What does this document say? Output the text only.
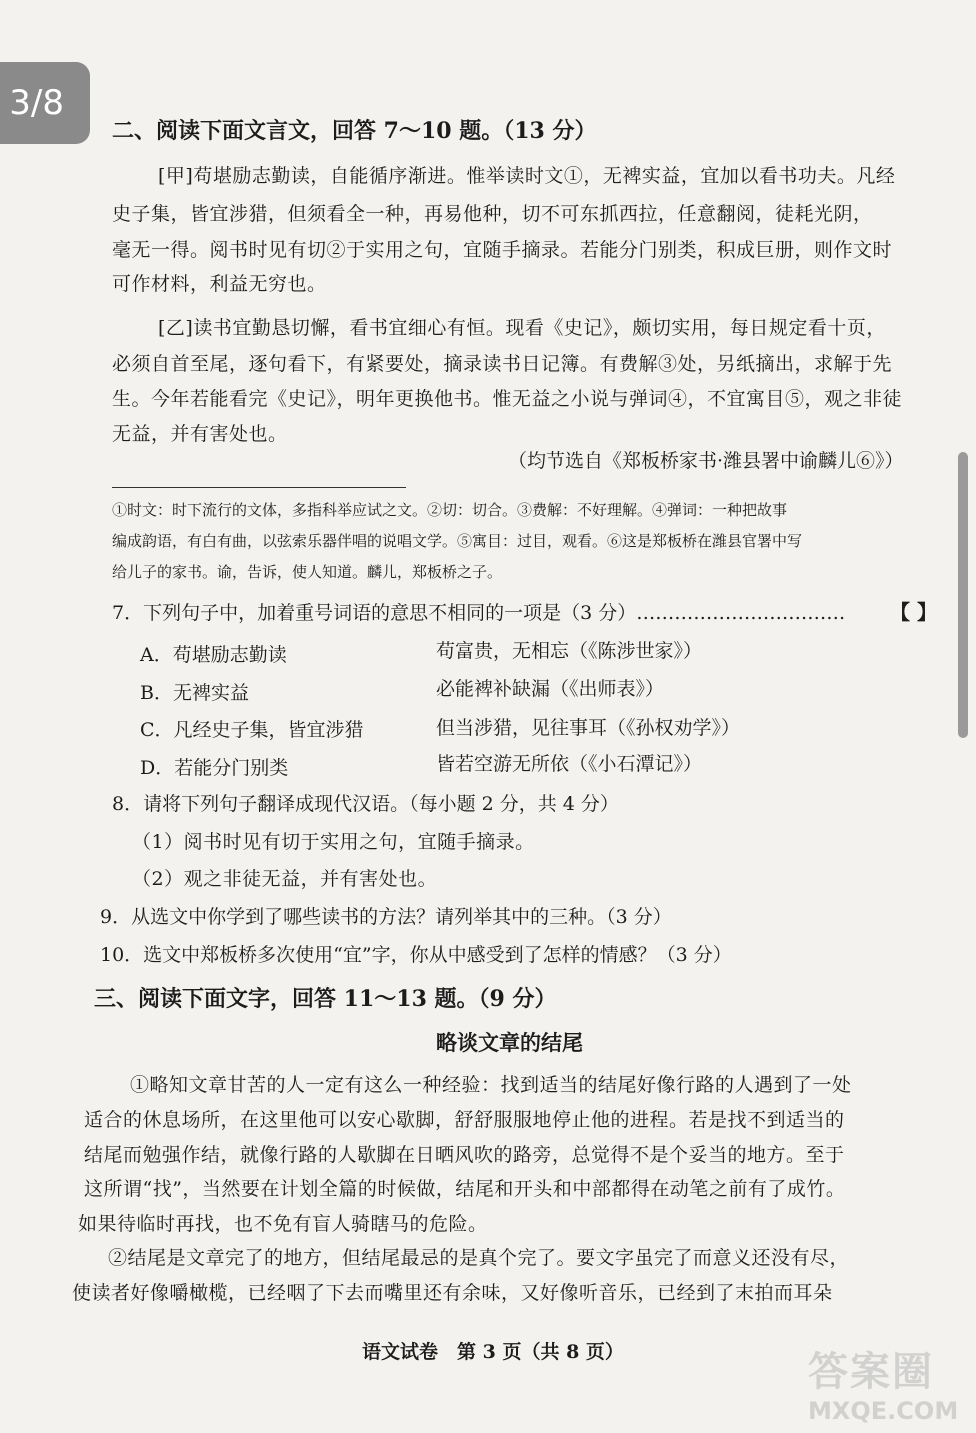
3/8
二、阅读下面文言文，回答 7～10 题。（13 分）
[甲]苟堪励志勤读，自能循序渐进。惟举读时文①，无裨实益，宜加以看书功夫。凡经
史子集，皆宜涉猎，但须看全一种，再易他种，切不可东抓西拉，任意翻阅，徒耗光阴，
毫无一得。阅书时见有切②于实用之句，宜随手摘录。若能分门别类，积成巨册，则作文时
可作材料，利益无穷也。
[乙]读书宜勤恳切懈，看书宜细心有恒。现看《史记》，颇切实用，每日规定看十页，
必须自首至尾，逐句看下，有紧要处，摘录读书日记簿。有费解③处，另纸摘出，求解于先
生。今年若能看完《史记》，明年更换他书。惟无益之小说与弹词④，不宜寓目⑤，观之非徒
无益，并有害处也。
（均节选自《郑板桥家书·潍县署中谕麟儿⑥》）
①时文：时下流行的文体，多指科举应试之文。②切：切合。③费解：不好理解。④弹词：一种把故事
编成韵语，有白有曲，以弦索乐器伴唱的说唱文学。⑤寓目：过目，观看。⑥这是郑板桥在潍县官署中写
给儿子的家书。谕，告诉，使人知道。麟儿，郑板桥之子。
7．下列句子中，加着重号词语的意思不相同的一项是（3 分）…………………………… 【 】
A．苟堪励志勤读	苟富贵，无相忘（《陈涉世家》）
B．无裨实益	必能裨补缺漏（《出师表》）
C．凡经史子集，皆宜涉猎	但当涉猎，见往事耳（《孙权劝学》）
D．若能分门别类	皆若空游无所依（《小石潭记》）
8．请将下列句子翻译成现代汉语。（每小题 2 分，共 4 分）
（1）阅书时见有切于实用之句，宜随手摘录。
（2）观之非徒无益，并有害处也。
9．从选文中你学到了哪些读书的方法？请列举其中的三种。（3 分）
10．选文中郑板桥多次使用“宜”字，你从中感受到了怎样的情感？（3 分）
三、阅读下面文字，回答 11～13 题。（9 分）
略谈文章的结尾
①略知文章甘苦的人一定有这么一种经验：找到适当的结尾好像行路的人遇到了一处
适合的休息场所，在这里他可以安心歇脚，舒舒服服地停止他的进程。若是找不到适当的
结尾而勉强作结，就像行路的人歇脚在日晒风吹的路旁，总觉得不是个妥当的地方。至于
这所谓“找”，当然要在计划全篇的时候做，结尾和开头和中部都得在动笔之前有了成竹。
如果待临时再找，也不免有盲人骑瞎马的危险。
②结尾是文章完了的地方，但结尾最忌的是真个完了。要文字虽完了而意义还没有尽，
使读者好像嚼橄榄，已经咽了下去而嘴里还有余味，又好像听音乐，已经到了末拍而耳朵
语文试卷　第 3 页（共 8 页）	答案圈
MXQE.COM
